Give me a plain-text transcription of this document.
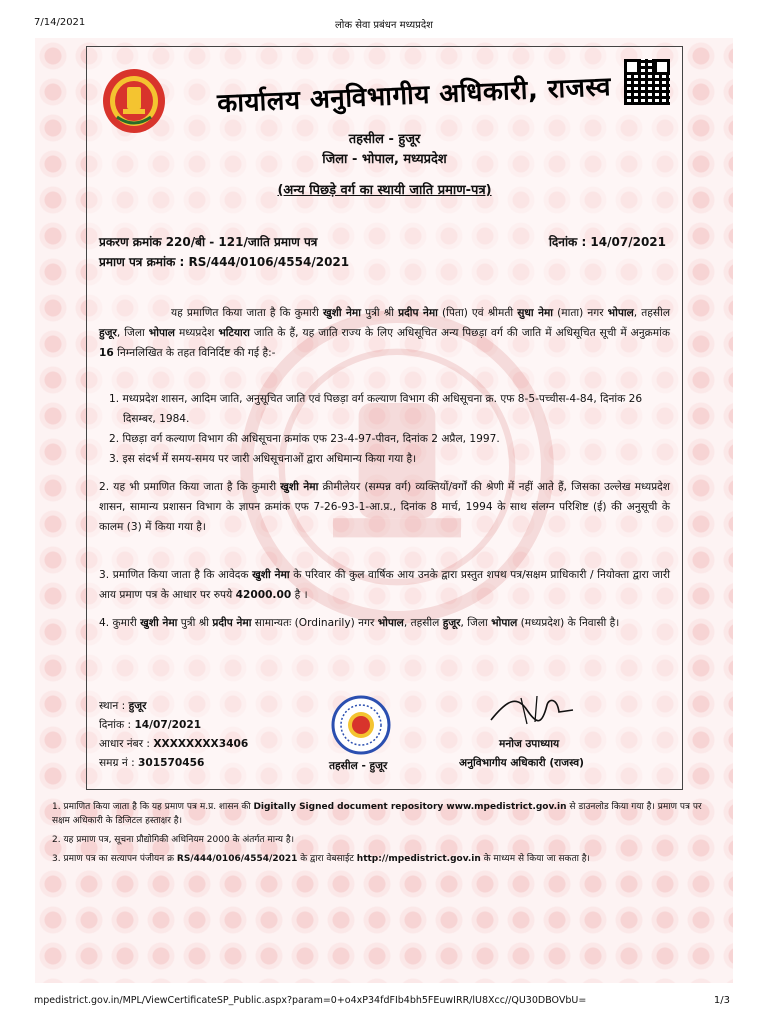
7/14/2021	लोक सेवा प्रबंधन मध्यप्रदेश
कार्यालय अनुविभागीय अधिकारी, राजस्व
तहसील - हुजूर
जिला - भोपाल, मध्यप्रदेश
(अन्य पिछड़े वर्ग का स्थायी जाति प्रमाण-पत्र)
प्रकरण क्रमांक 220/बी - 121/जाति प्रमाण पत्र	दिनांक : 14/07/2021
प्रमाण पत्र क्रमांक : RS/444/0106/4554/2021
यह प्रमाणित किया जाता है कि कुमारी खुशी नेमा पुत्री श्री प्रदीप नेमा (पिता) एवं श्रीमती सुधा नेमा (माता) नगर भोपाल, तहसील हुजूर, जिला भोपाल मध्यप्रदेश भटियारा जाति के हैं, यह जाति राज्य के लिए अधिसूचित अन्य पिछड़ा वर्ग की जाति में अधिसूचित सूची में अनुक्रमांक 16 निम्नलिखित के तहत विनिर्दिष्ट की गई है:-
1. मध्यप्रदेश शासन, आदिम जाति, अनुसूचित जाति एवं पिछड़ा वर्ग कल्याण विभाग की अधिसूचना क्र. एफ 8-5-पच्चीस-4-84, दिनांक 26 दिसम्बर, 1984.
2. पिछड़ा वर्ग कल्याण विभाग की अधिसूचना क्रमांक एफ 23-4-97-पीवन, दिनांक 2 अप्रैल, 1997.
3. इस संदर्भ में समय-समय पर जारी अधिसूचनाओं द्वारा अधिमान्य किया गया है।
2. यह भी प्रमाणित किया जाता है कि कुमारी खुशी नेमा क्रीमीलेयर (सम्पन्न वर्ग) व्यक्तियों/वर्गों की श्रेणी में नहीं आते हैं, जिसका उल्लेख मध्यप्रदेश शासन, सामान्य प्रशासन विभाग के ज्ञापन क्रमांक एफ 7-26-93-1-आ.प्र., दिनांक 8 मार्च, 1994 के साथ संलग्न परिशिष्ट (ई) की अनुसूची के कालम (3) में किया गया है।
3. प्रमाणित किया जाता है कि आवेदक खुशी नेमा के परिवार की कुल वार्षिक आय उनके द्वारा प्रस्तुत शपथ पत्र/सक्षम प्राधिकारी / नियोक्ता द्वारा जारी आय प्रमाण पत्र के आधार पर रुपये 42000.00 है ।
4. कुमारी खुशी नेमा पुत्री श्री प्रदीप नेमा सामान्यतः (Ordinarily) नगर भोपाल, तहसील हुजूर, जिला भोपाल (मध्यप्रदेश) के निवासी है।
स्थान : हुजूर
दिनांक : 14/07/2021
आधार नंबर : XXXXXXXX3406
समग्र नं : 301570456	तहसील - हुजूर
मनोज उपाध्याय
अनुविभागीय अधिकारी (राजस्व)

1. प्रमाणित किया जाता है कि यह प्रमाण पत्र म.प्र. शासन की Digitally Signed document repository www.mpedistrict.gov.in से डाउनलोड किया गया है। प्रमाण पत्र पर सक्षम अधिकारी के डिजिटल हस्ताक्षर है।

2. यह प्रमाण पत्र, सूचना प्रौद्योगिकी अधिनियम 2000 के अंतर्गत मान्य है।

3. प्रमाण पत्र का सत्यापन पंजीयन क्र RS/444/0106/4554/2021 के द्वारा वेबसाईट http://mpedistrict.gov.in के माध्यम से किया जा सकता है।

mpedistrict.gov.in/MPL/ViewCertificateSP_Public.aspx?param=0+o4xP34fdFIb4bh5FEuwIRR/lU8Xcc//QU30DBOVbU=	1/3
